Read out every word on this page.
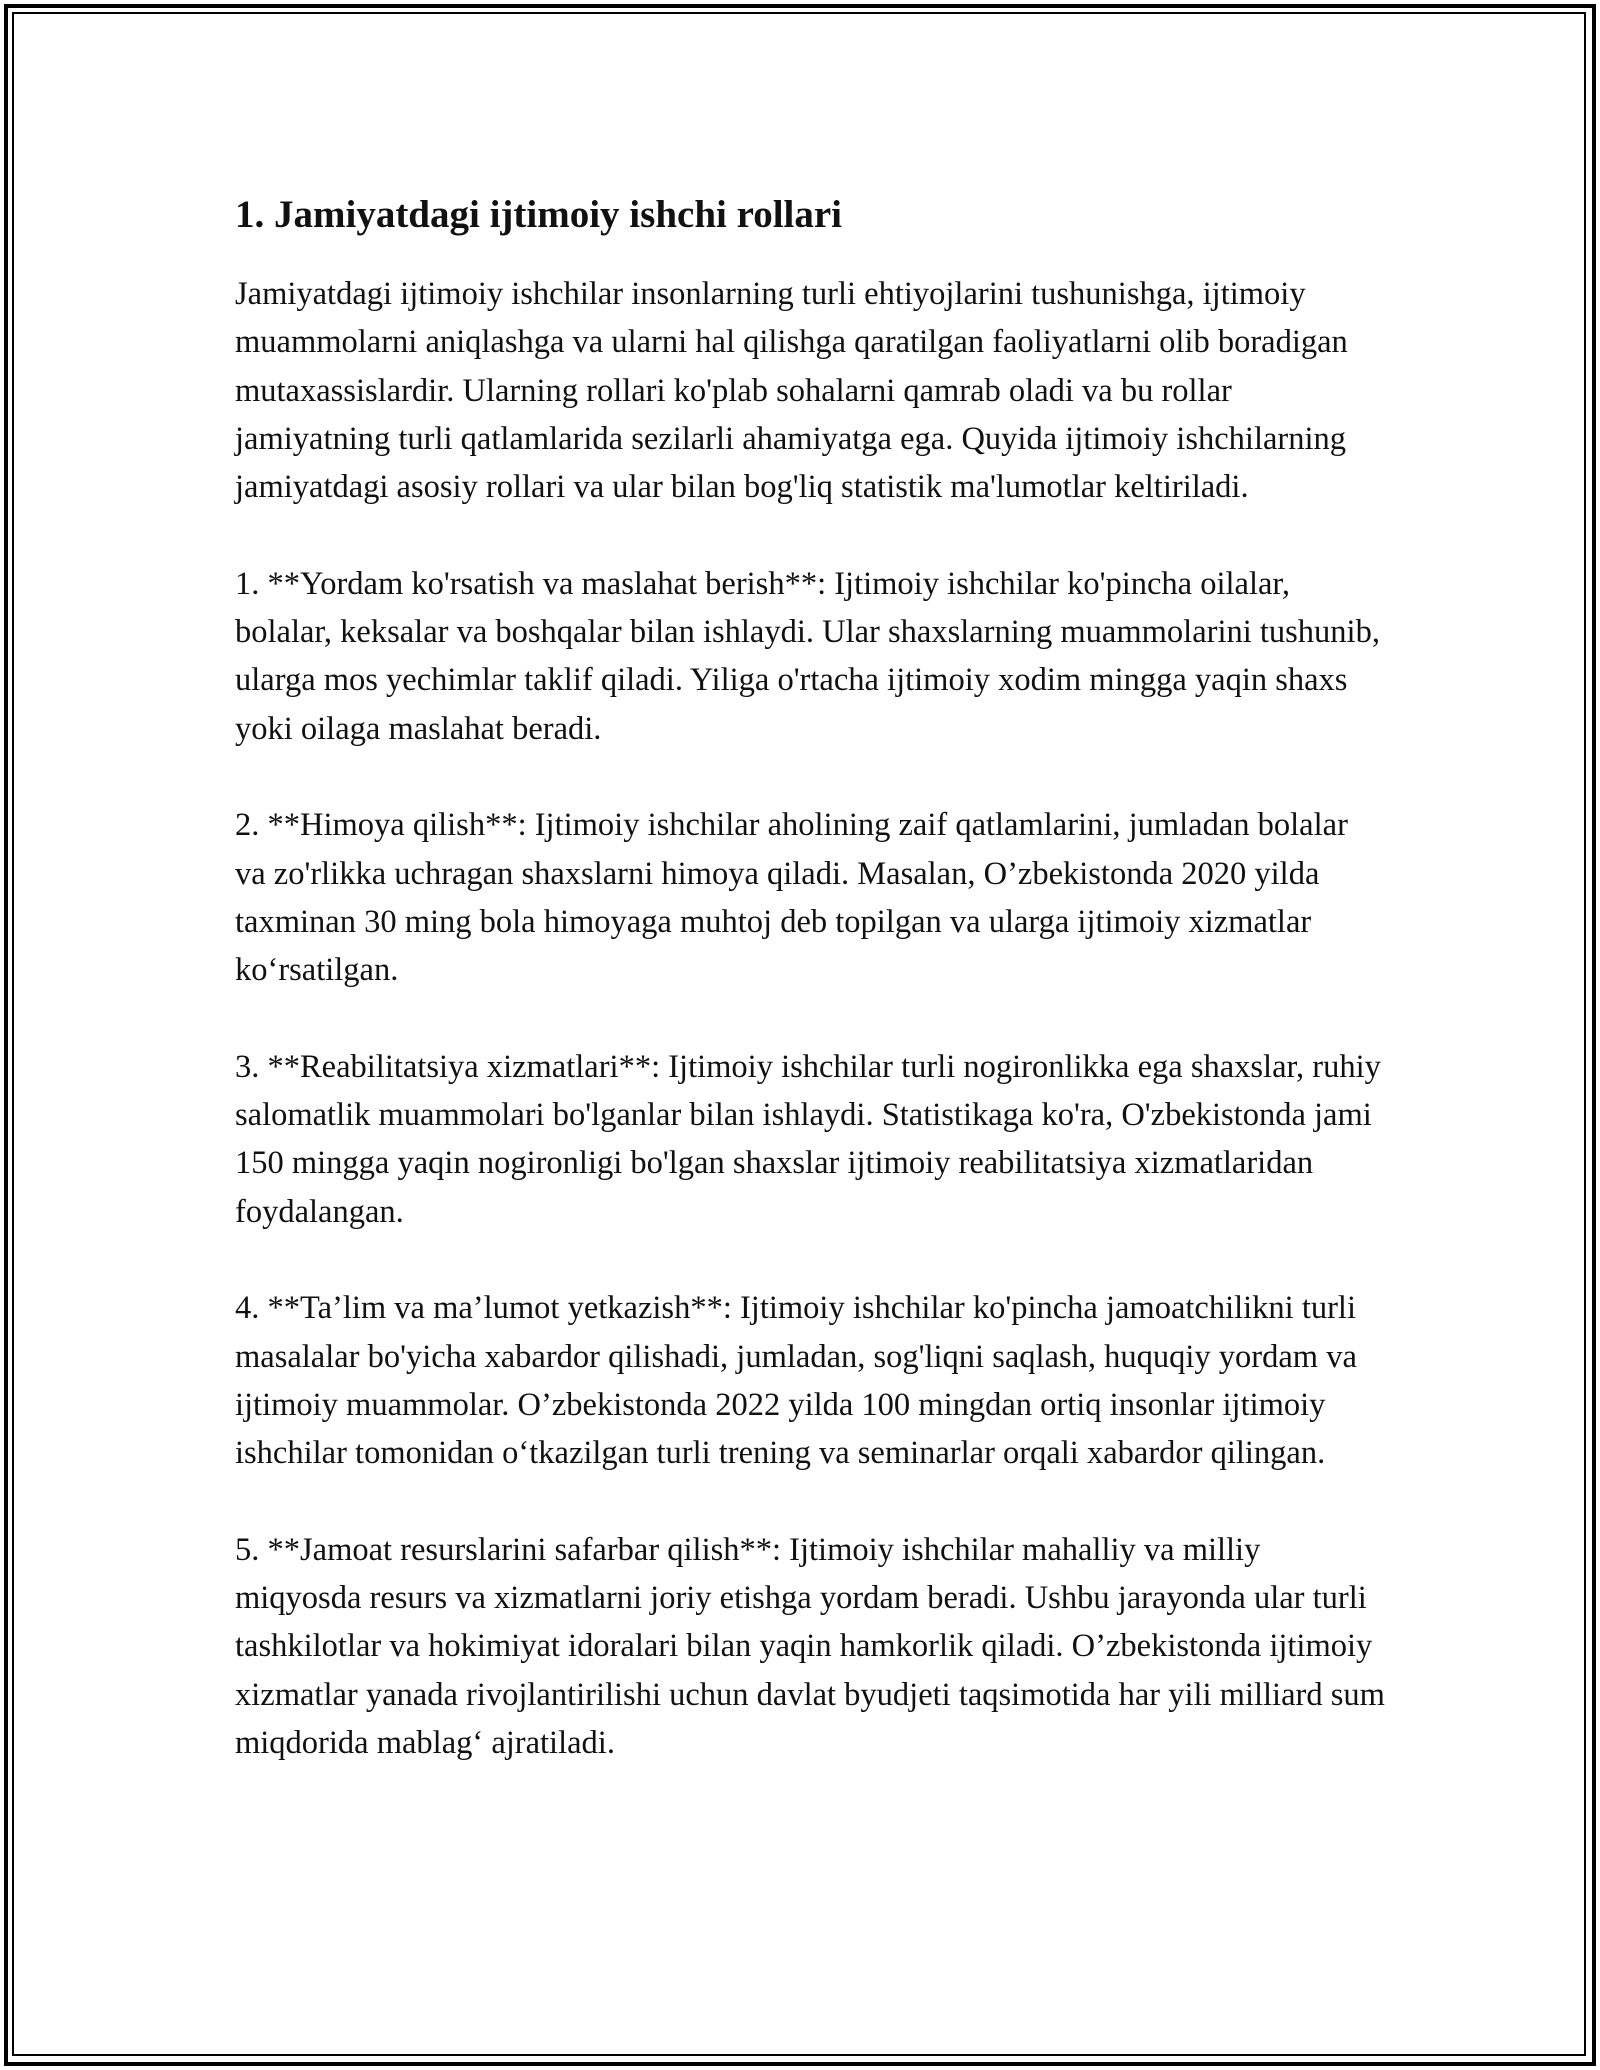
1. Jamiyatdagi ijtimoiy ishchi rollari

Jamiyatdagi ijtimoiy ishchilar insonlarning turli ehtiyojlarini tushunishga, ijtimoiy muammolarni aniqlashga va ularni hal qilishga qaratilgan faoliyatlarni olib boradigan mutaxassislardir. Ularning rollari ko'plab sohalarni qamrab oladi va bu rollar jamiyatning turli qatlamlarida sezilarli ahamiyatga ega. Quyida ijtimoiy ishchilarning jamiyatdagi asosiy rollari va ular bilan bog'liq statistik ma'lumotlar keltiriladi.

1. **Yordam ko'rsatish va maslahat berish**: Ijtimoiy ishchilar ko'pincha oilalar, bolalar, keksalar va boshqalar bilan ishlaydi. Ular shaxslarning muammolarini tushunib, ularga mos yechimlar taklif qiladi. Yiliga o'rtacha ijtimoiy xodim mingga yaqin shaxs yoki oilaga maslahat beradi.

2. **Himoya qilish**: Ijtimoiy ishchilar aholining zaif qatlamlarini, jumladan bolalar va zo'rlikka uchragan shaxslarni himoya qiladi. Masalan, O’zbekistonda 2020 yilda taxminan 30 ming bola himoyaga muhtoj deb topilgan va ularga ijtimoiy xizmatlar ko‘rsatilgan.

3. **Reabilitatsiya xizmatlari**: Ijtimoiy ishchilar turli nogironlikka ega shaxslar, ruhiy salomatlik muammolari bo'lganlar bilan ishlaydi. Statistikaga ko'ra, O'zbekistonda jami 150 mingga yaqin nogironligi bo'lgan shaxslar ijtimoiy reabilitatsiya xizmatlaridan foydalangan.

4. **Ta’lim va ma’lumot yetkazish**: Ijtimoiy ishchilar ko'pincha jamoatchilikni turli masalalar bo'yicha xabardor qilishadi, jumladan, sog'liqni saqlash, huquqiy yordam va ijtimoiy muammolar. O’zbekistonda 2022 yilda 100 mingdan ortiq insonlar ijtimoiy ishchilar tomonidan o‘tkazilgan turli trening va seminarlar orqali xabardor qilingan.

5. **Jamoat resurslarini safarbar qilish**: Ijtimoiy ishchilar mahalliy va milliy miqyosda resurs va xizmatlarni joriy etishga yordam beradi. Ushbu jarayonda ular turli tashkilotlar va hokimiyat idoralari bilan yaqin hamkorlik qiladi. O’zbekistonda ijtimoiy xizmatlar yanada rivojlantirilishi uchun davlat byudjeti taqsimotida har yili milliard sum miqdorida mablag‘ ajratiladi.
